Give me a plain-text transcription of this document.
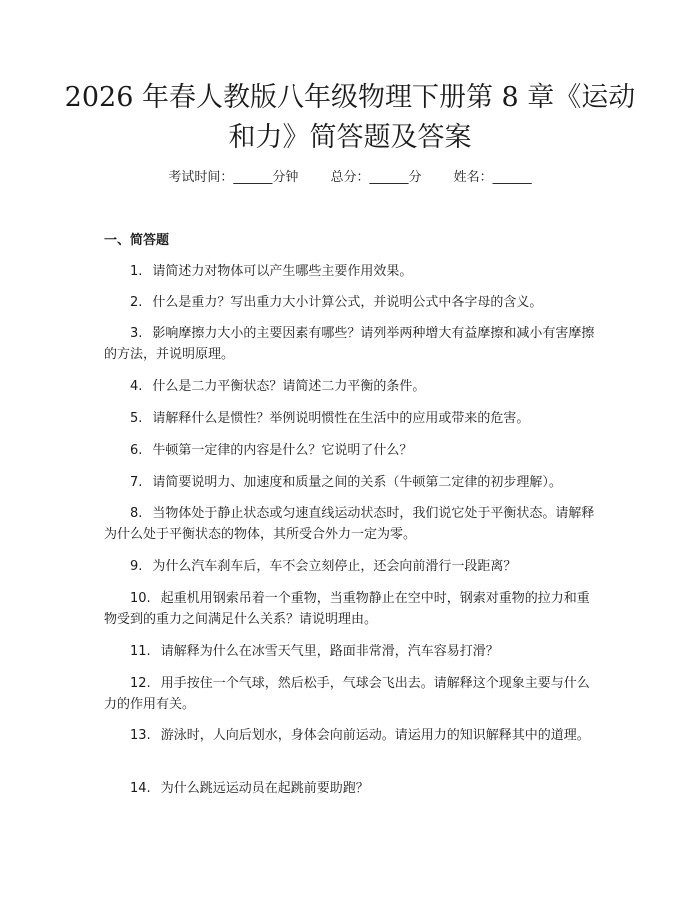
2026 年春人教版八年级物理下册第 8 章《运动和力》简答题及答案
考试时间：______分钟 总分：______分 姓名：______
一、简答题
1. 请简述力对物体可以产生哪些主要作用效果。
2. 什么是重力？写出重力大小计算公式，并说明公式中各字母的含义。
3. 影响摩擦力大小的主要因素有哪些？请列举两种增大有益摩擦和减小有害摩擦的方法，并说明原理。
4. 什么是二力平衡状态？请简述二力平衡的条件。
5. 请解释什么是惯性？举例说明惯性在生活中的应用或带来的危害。
6. 牛顿第一定律的内容是什么？它说明了什么？
7. 请简要说明力、加速度和质量之间的关系（牛顿第二定律的初步理解）。
8. 当物体处于静止状态或匀速直线运动状态时，我们说它处于平衡状态。请解释为什么处于平衡状态的物体，其所受合外力一定为零。
9. 为什么汽车刹车后，车不会立刻停止，还会向前滑行一段距离？
10. 起重机用钢索吊着一个重物，当重物静止在空中时，钢索对重物的拉力和重物受到的重力之间满足什么关系？请说明理由。
11. 请解释为什么在冰雪天气里，路面非常滑，汽车容易打滑？
12. 用手按住一个气球，然后松手，气球会飞出去。请解释这个现象主要与什么力的作用有关。
13. 游泳时，人向后划水，身体会向前运动。请运用力的知识解释其中的道理。
14. 为什么跳远运动员在起跳前要助跑？
